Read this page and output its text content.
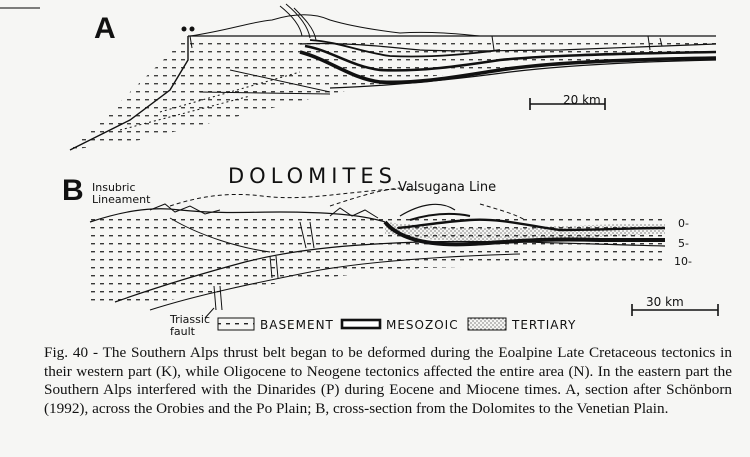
A
20 km
DOLOMITES
B Insubric
Lineament
Valsugana Line
0-
5-
10-
30 km
Triassic
fault	BASEMENT	MESOZOIC	TERTIARY
Fig. 40 - The Southern Alps thrust belt began to be deformed during the Eoalpine Late Cretaceous tectonics in their western part (K), while Oligocene to Neogene tectonics affected the entire area (N). In the eastern part the Southern Alps interfered with the Dinarides (P) during Eocene and Miocene times. A, section after Schönborn (1992), across the Orobies and the Po Plain; B, cross-section from the Dolomites to the Venetian Plain.
